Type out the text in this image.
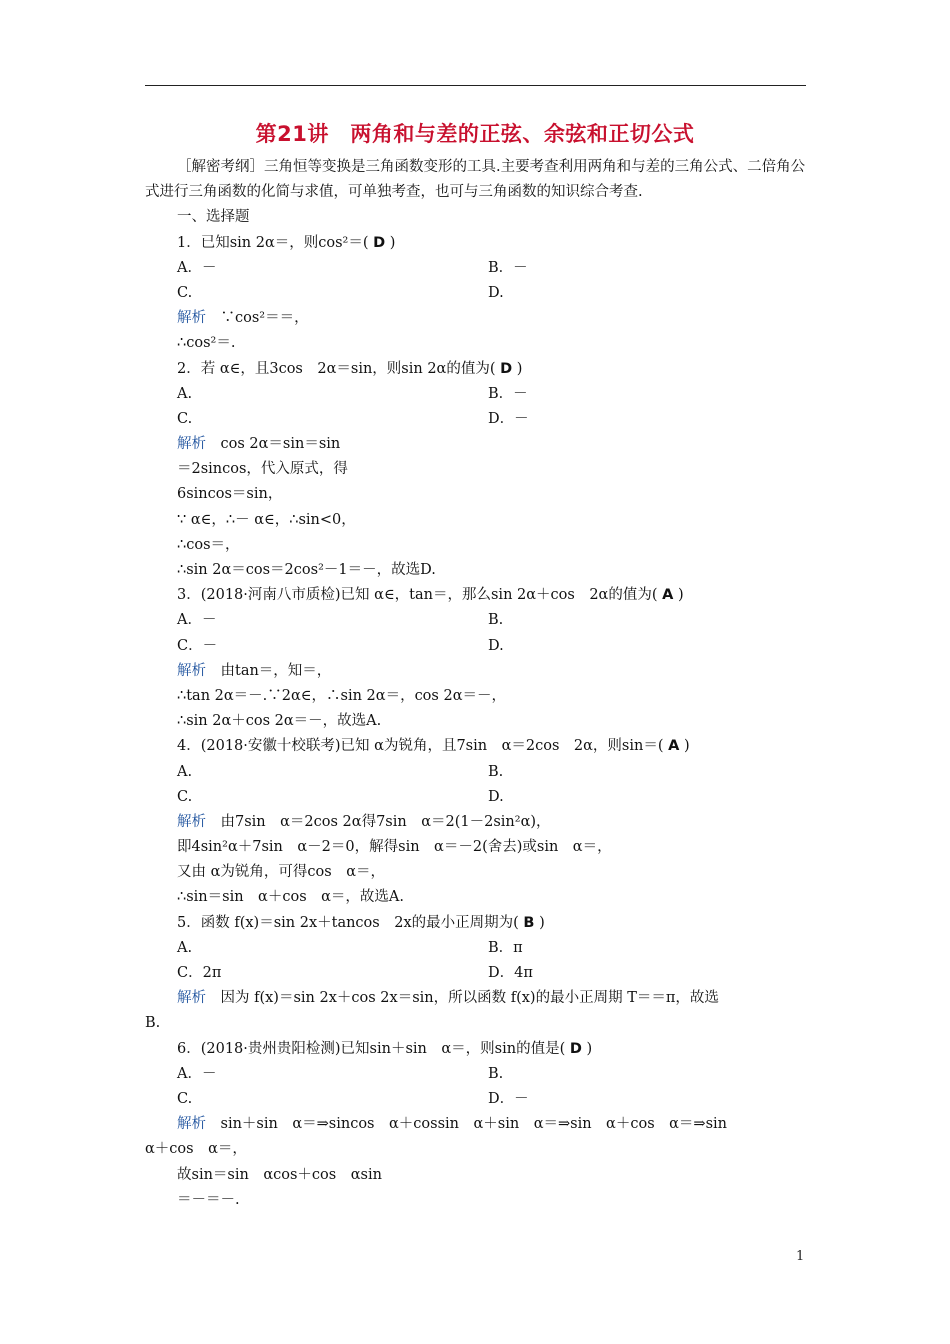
第21讲　两角和与差的正弦、余弦和正切公式
［解密考纲］三角恒等变换是三角函数变形的工具.主要考查利用两角和与差的三角公式、二倍角公式进行三角函数的化简与求值，可单独考查，也可与三角函数的知识综合考查.
一、选择题
1．已知sin 2α＝，则cos²＝( D )
A．－	B．－
C.	D.
解析　 ∵cos²＝＝，
∴cos²＝.
2．若 α∈，且3cos　2α＝sin，则sin 2α的值为( D )
A.	B．－
C.	D．－
解析　 cos 2α＝sin＝sin
＝2sincos，代入原式，得
6sincos＝sin，
∵ α∈，∴－ α∈，∴sin<0，
∴cos＝，
∴sin 2α＝cos＝2cos²－1＝－，故选D.
3．(2018·河南八市质检)已知 α∈，tan＝，那么sin 2α＋cos　2α的值为( A )
A．－	B.
C．－	D.
解析　 由tan＝，知＝，
∴tan 2α＝－.∵2α∈，∴sin 2α＝，cos 2α＝－，
∴sin 2α＋cos 2α＝－，故选A.
4．(2018·安徽十校联考)已知 α为锐角，且7sin　α＝2cos　2α，则sin＝( A )
A.	B.
C.	D.
解析　 由7sin　α＝2cos 2α得7sin　α＝2(1－2sin²α)，
即4sin²α＋7sin　α－2＝0，解得sin　α＝－2(舍去)或sin　α＝，
又由 α为锐角，可得cos　α＝，
∴sin＝sin　α＋cos　α＝，故选A.
5．函数 f(x)＝sin 2x＋tancos　2x的最小正周期为( B )
A.	B．π
C．2π	D．4π
解析　 因为 f(x)＝sin 2x＋cos 2x＝sin，所以函数 f(x)的最小正周期 T＝＝π，故选
B.
6．(2018·贵州贵阳检测)已知sin＋sin　α＝，则sin的值是( D )
A．－	B.
C.	D．－
解析　 sin＋sin　α＝⇒sincos　α＋cossin　α＋sin　α＝⇒sin　α＋cos　α＝⇒sin
α＋cos　α＝，
故sin＝sin　αcos＋cos　αsin
＝－＝－.
1
